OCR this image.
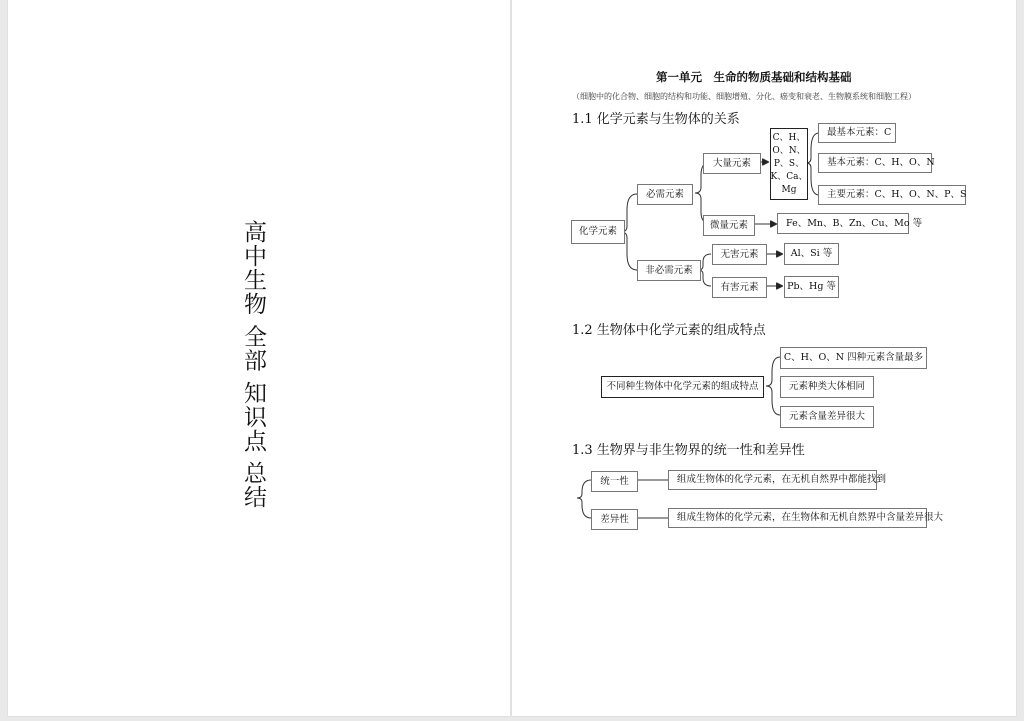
高中生物 全部 知识点 总结
第一单元　生命的物质基础和结构基础
（细胞中的化合物、细胞的结构和功能、细胞增殖、分化、癌变和衰老、生物膜系统和细胞工程）
1.1 化学元素与生物体的关系
化学元素
必需元素
非必需元素
大量元素
微量元素
C、H、
O、N、
P、S、
K、Ca、
Mg
最基本元素：C
基本元素：C、H、O、N
主要元素：C、H、O、N、P、S
Fe、Mn、B、Zn、Cu、Mo 等
无害元素
有害元素
Al、Si 等
Pb、Hg 等
1.2 生物体中化学元素的组成特点
不同种生物体中化学元素的组成特点
C、H、O、N 四种元素含量最多
元素种类大体相同
元素含量差异很大
1.3 生物界与非生物界的统一性和差异性
统一性
差异性
组成生物体的化学元素，在无机自然界中都能找到
组成生物体的化学元素，在生物体和无机自然界中含量差异很大
